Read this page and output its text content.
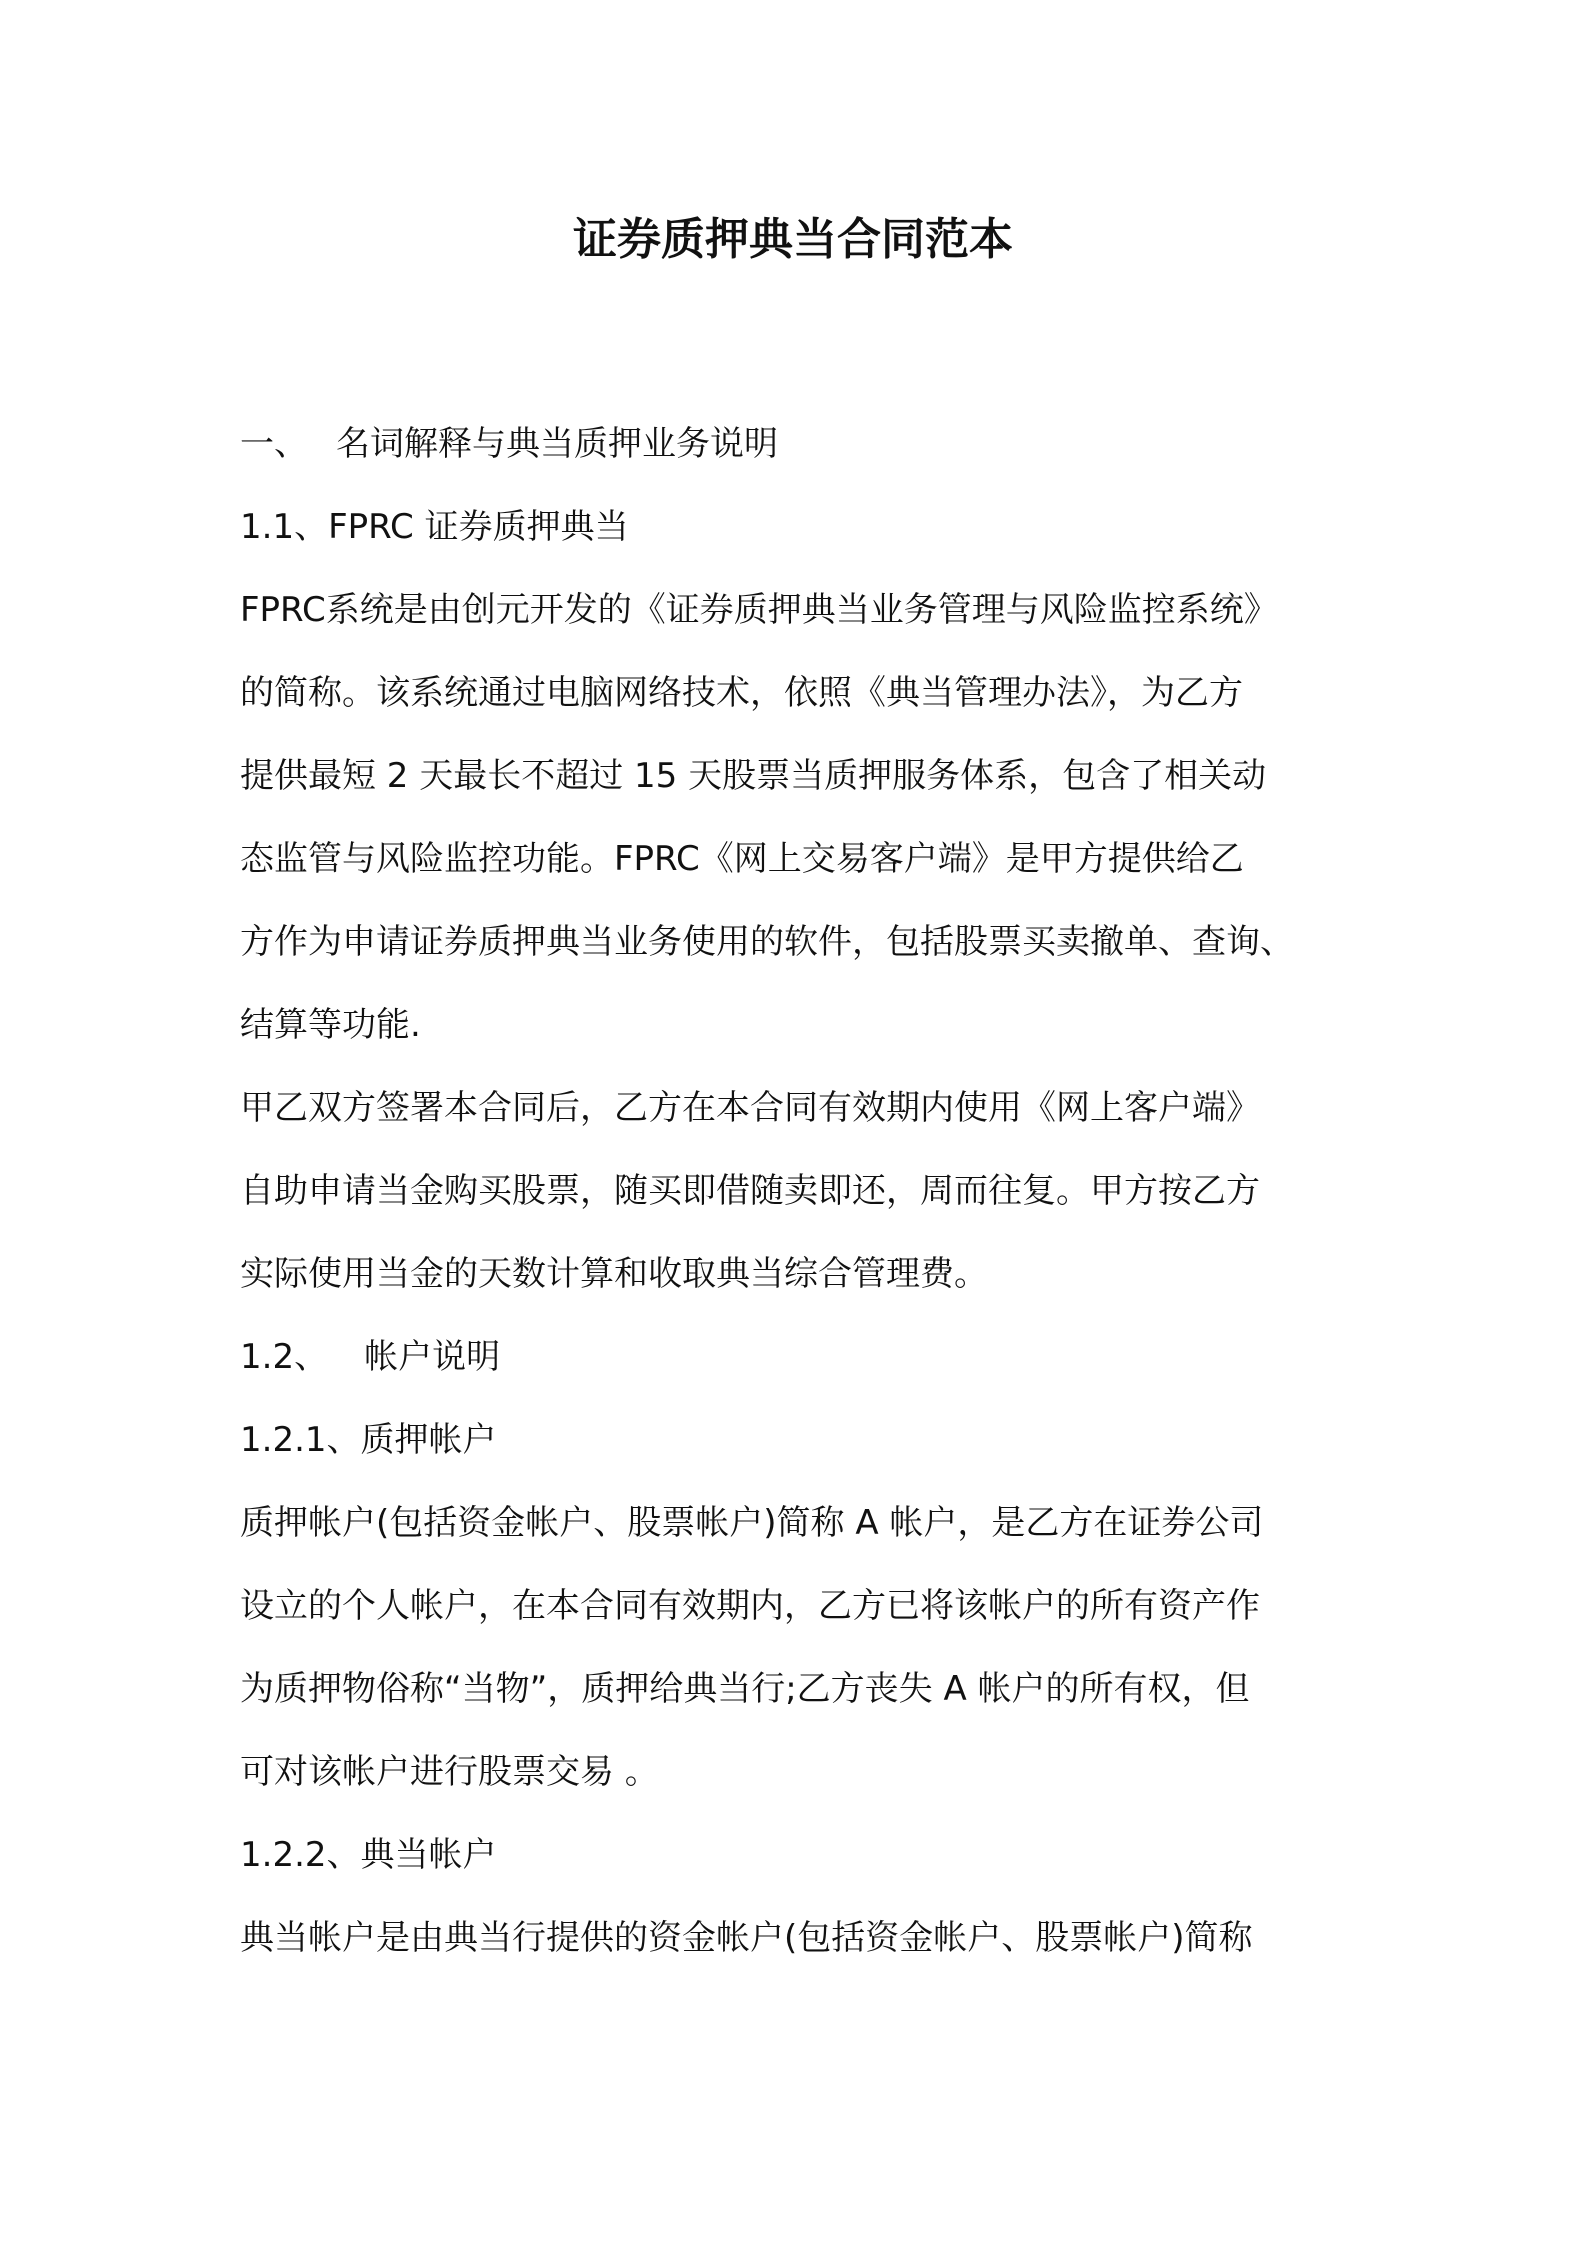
证券质押典当合同范本
一、 名词解释与典当质押业务说明
1.1、FPRC 证券质押典当
FPRC系统是由创元开发的《证券质押典当业务管理与风险监控系统》
的简称。该系统通过电脑网络技术，依照《典当管理办法》，为乙方
提供最短 2 天最长不超过 15 天股票当质押服务体系，包含了相关动
态监管与风险监控功能。FPRC《网上交易客户端》是甲方提供给乙
方作为申请证券质押典当业务使用的软件，包括股票买卖撤单、查询、
结算等功能.
甲乙双方签署本合同后，乙方在本合同有效期内使用《网上客户端》
自助申请当金购买股票，随买即借随卖即还，周而往复。甲方按乙方
实际使用当金的天数计算和收取典当综合管理费。
1.2、 帐户说明
1.2.1、质押帐户
质押帐户(包括资金帐户、股票帐户)简称 A 帐户，是乙方在证券公司
设立的个人帐户，在本合同有效期内，乙方已将该帐户的所有资产作
为质押物俗称“当物”，质押给典当行;乙方丧失 A 帐户的所有权，但
可对该帐户进行股票交易 。
1.2.2、典当帐户
典当帐户是由典当行提供的资金帐户(包括资金帐户、股票帐户)简称
